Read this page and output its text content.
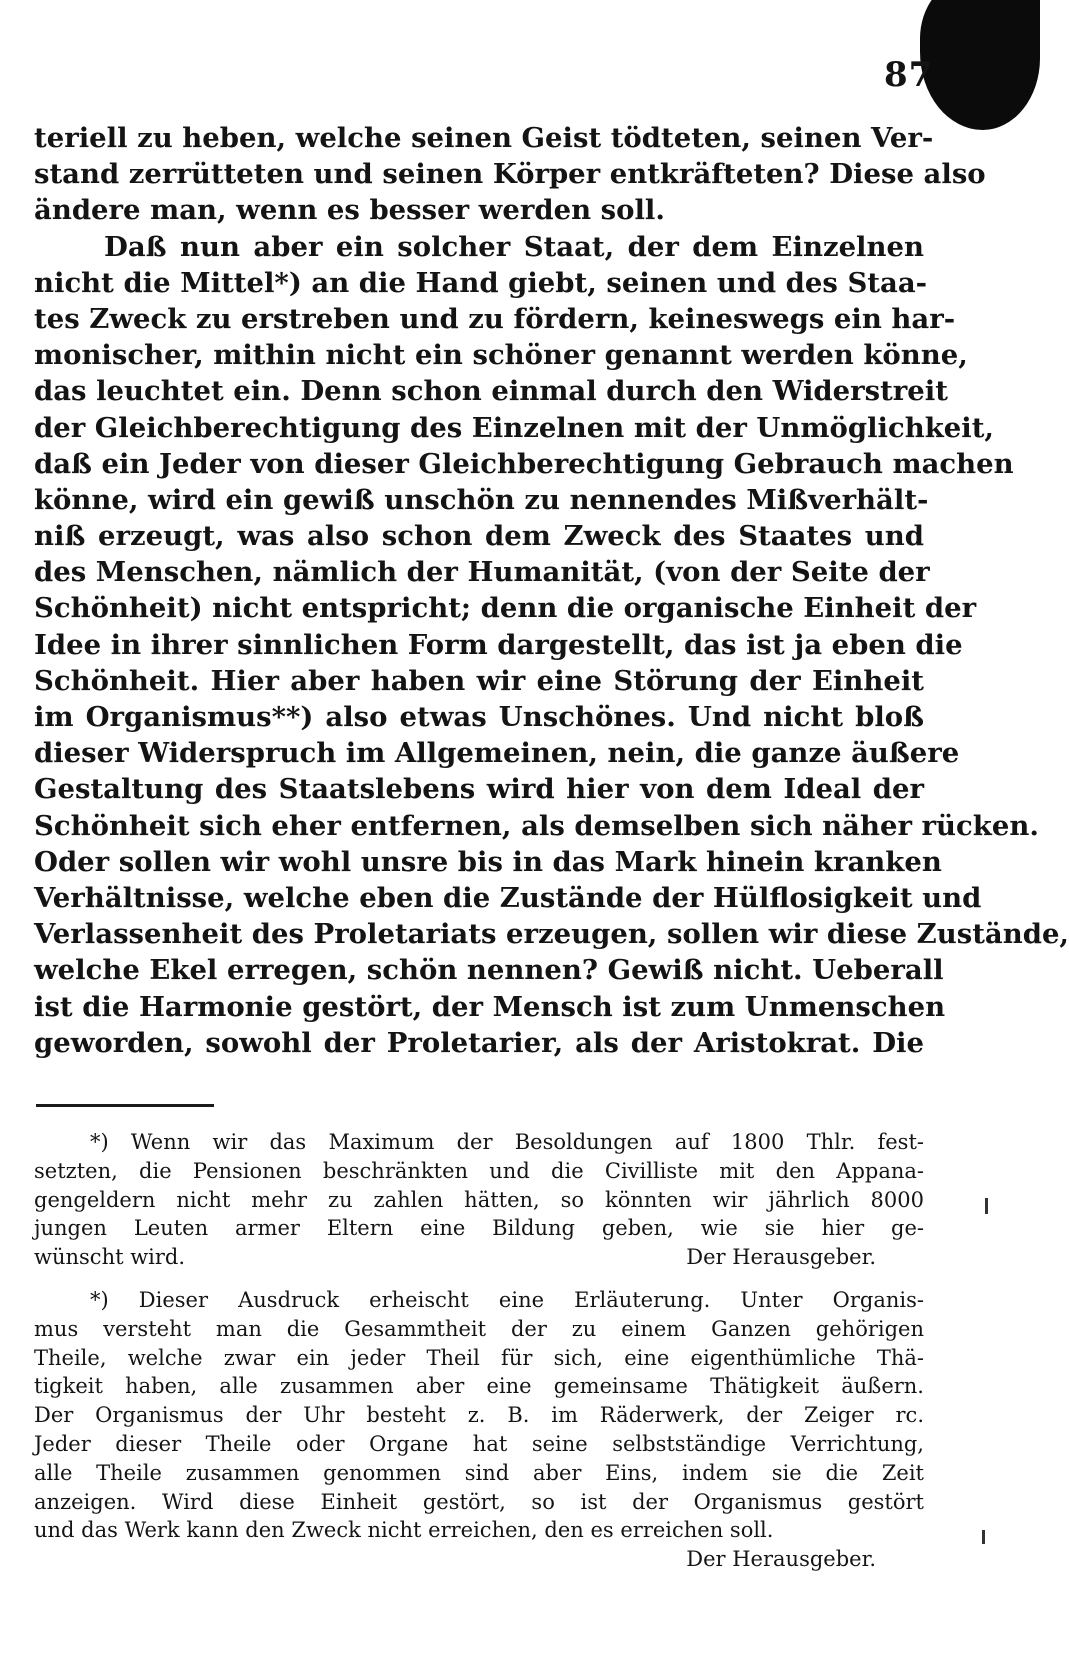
87
teriell zu heben, welche seinen Geist tödteten, seinen Ver-
stand zerrütteten und seinen Körper entkräfteten? Diese also
ändere man, wenn es besser werden soll.
Daß nun aber ein solcher Staat, der dem Einzelnen
nicht die Mittel*) an die Hand giebt, seinen und des Staa-
tes Zweck zu erstreben und zu fördern, keineswegs ein har-
monischer, mithin nicht ein schöner genannt werden könne,
das leuchtet ein. Denn schon einmal durch den Widerstreit
der Gleichberechtigung des Einzelnen mit der Unmöglichkeit,
daß ein Jeder von dieser Gleichberechtigung Gebrauch machen
könne, wird ein gewiß unschön zu nennendes Mißverhält-
niß erzeugt, was also schon dem Zweck des Staates und
des Menschen, nämlich der Humanität, (von der Seite der
Schönheit) nicht entspricht; denn die organische Einheit der
Idee in ihrer sinnlichen Form dargestellt, das ist ja eben die
Schönheit. Hier aber haben wir eine Störung der Einheit
im Organismus**) also etwas Unschönes. Und nicht bloß
dieser Widerspruch im Allgemeinen, nein, die ganze äußere
Gestaltung des Staatslebens wird hier von dem Ideal der
Schönheit sich eher entfernen, als demselben sich näher rücken.
Oder sollen wir wohl unsre bis in das Mark hinein kranken
Verhältnisse, welche eben die Zustände der Hülflosigkeit und
Verlassenheit des Proletariats erzeugen, sollen wir diese Zustände,
welche Ekel erregen, schön nennen? Gewiß nicht. Ueberall
ist die Harmonie gestört, der Mensch ist zum Unmenschen
geworden, sowohl der Proletarier, als der Aristokrat. Die
*) Wenn wir das Maximum der Besoldungen auf 1800 Thlr. fest-
setzten, die Pensionen beschränkten und die Civilliste mit den Appana-
gengeldern nicht mehr zu zahlen hätten, so könnten wir jährlich 8000
jungen Leuten armer Eltern eine Bildung geben, wie sie hier ge-
wünscht wird.	Der Herausgeber.
*) Dieser Ausdruck erheischt eine Erläuterung. Unter Organis-
mus versteht man die Gesammtheit der zu einem Ganzen gehörigen
Theile, welche zwar ein jeder Theil für sich, eine eigenthümliche Thä-
tigkeit haben, alle zusammen aber eine gemeinsame Thätigkeit äußern.
Der Organismus der Uhr besteht z. B. im Räderwerk, der Zeiger rc.
Jeder dieser Theile oder Organe hat seine selbstständige Verrichtung,
alle Theile zusammen genommen sind aber Eins, indem sie die Zeit
anzeigen. Wird diese Einheit gestört, so ist der Organismus gestört
und das Werk kann den Zweck nicht erreichen, den es erreichen soll.
Der Herausgeber.
